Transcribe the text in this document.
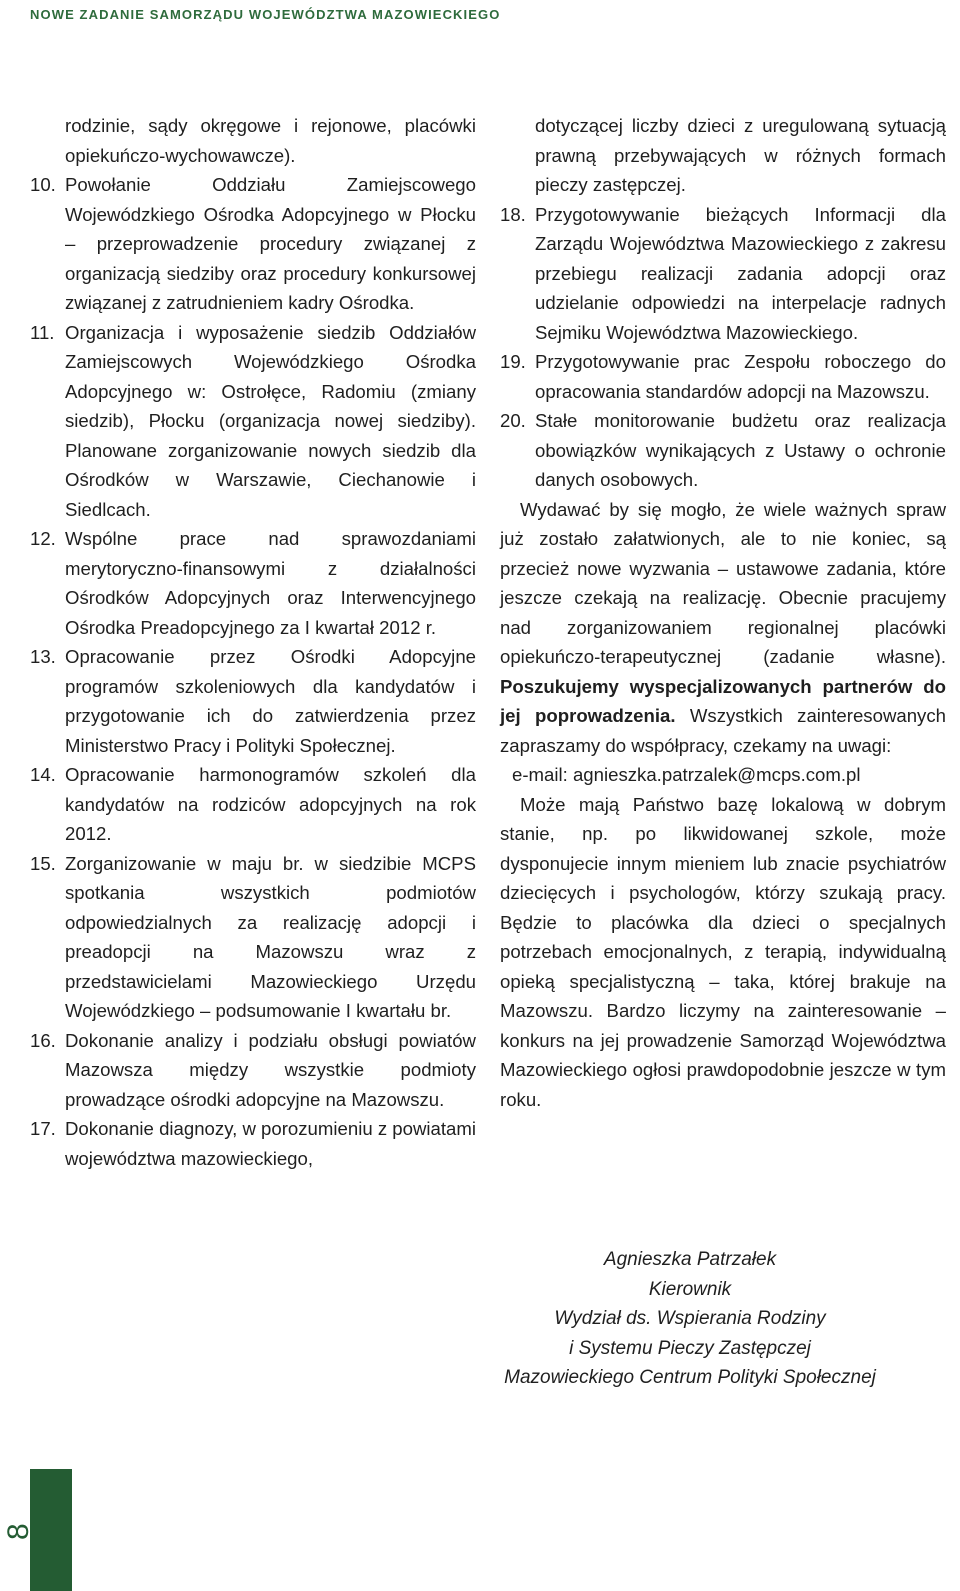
NOWE ZADANIE SAMORZĄDU WOJEWÓDZTWA MAZOWIECKIEGO
rodzinie, sądy okręgowe i rejonowe, placówki opiekuńczo-wychowawcze).
10. Powołanie Oddziału Zamiejscowego Wojewódzkiego Ośrodka Adopcyjnego w Płocku – przeprowadzenie procedury związanej z organizacją siedziby oraz procedury konkursowej związanej z zatrudnieniem kadry Ośrodka.
11. Organizacja i wyposażenie siedzib Oddziałów Zamiejscowych Wojewódzkiego Ośrodka Adopcyjnego w: Ostrołęce, Radomiu (zmiany siedzib), Płocku (organizacja nowej siedziby). Planowane zorganizowanie nowych siedzib dla Ośrodków w Warszawie, Ciechanowie i Siedlcach.
12. Wspólne prace nad sprawozdaniami merytoryczno-finansowymi z działalności Ośrodków Adopcyjnych oraz Interwencyjnego Ośrodka Preadopcyjnego za I kwartał 2012 r.
13. Opracowanie przez Ośrodki Adopcyjne programów szkoleniowych dla kandydatów i przygotowanie ich do zatwierdzenia przez Ministerstwo Pracy i Polityki Społecznej.
14. Opracowanie harmonogramów szkoleń dla kandydatów na rodziców adopcyjnych na rok 2012.
15. Zorganizowanie w maju br. w siedzibie MCPS spotkania wszystkich podmiotów odpowiedzialnych za realizację adopcji i preadopcji na Mazowszu wraz z przedstawicielami Mazowieckiego Urzędu Wojewódzkiego – podsumowanie I kwartału br.
16. Dokonanie analizy i podziału obsługi powiatów Mazowsza między wszystkie podmioty prowadzące ośrodki adopcyjne na Mazowszu.
17. Dokonanie diagnozy, w porozumieniu z powiatami województwa mazowieckiego,
dotyczącej liczby dzieci z uregulowaną sytuacją prawną przebywających w różnych formach pieczy zastępczej.
18. Przygotowywanie bieżących Informacji dla Zarządu Województwa Mazowieckiego z zakresu przebiegu realizacji zadania adopcji oraz udzielanie odpowiedzi na interpelacje radnych Sejmiku Województwa Mazowieckiego.
19. Przygotowywanie prac Zespołu roboczego do opracowania standardów adopcji na Mazowszu.
20. Stałe monitorowanie budżetu oraz realizacja obowiązków wynikających z Ustawy o ochronie danych osobowych.

Wydawać by się mogło, że wiele ważnych spraw już zostało załatwionych, ale to nie koniec, są przecież nowe wyzwania – ustawowe zadania, które jeszcze czekają na realizację. Obecnie pracujemy nad zorganizowaniem regionalnej placówki opiekuńczo-terapeutycznej (zadanie własne). Poszukujemy wyspecjalizowanych partnerów do jej poprowadzenia. Wszystkich zainteresowanych zapraszamy do współpracy, czekamy na uwagi:

e-mail: agnieszka.patrzalek@mcps.com.pl

Może mają Państwo bazę lokalową w dobrym stanie, np. po likwidowanej szkole, może dysponujecie innym mieniem lub znacie psychiatrów dziecięcych i psychologów, którzy szukają pracy. Będzie to placówka dla dzieci o specjalnych potrzebach emocjonalnych, z terapią, indywidualną opieką specjalistyczną – taka, której brakuje na Mazowszu. Bardzo liczymy na zainteresowanie – konkurs na jej prowadzenie Samorząd Województwa Mazowieckiego ogłosi prawdopodobnie jeszcze w tym roku.

Agnieszka Patrzałek
Kierownik
Wydział ds. Wspierania Rodziny
i Systemu Pieczy Zastępczej
Mazowieckiego Centrum Polityki Społecznej
8
